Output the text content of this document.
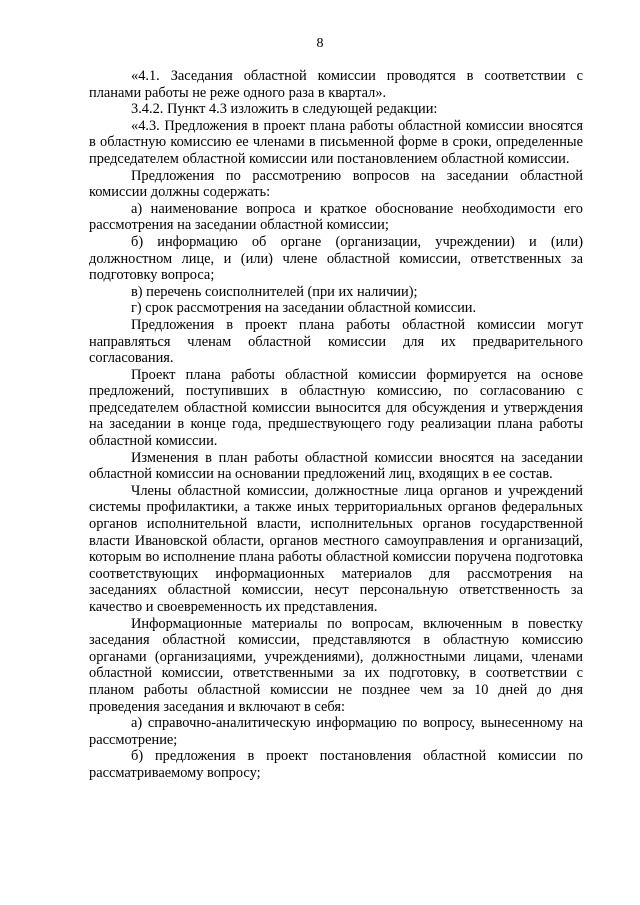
8

«4.1. Заседания областной комиссии проводятся в соответствии с планами работы не реже одного раза в квартал».

3.4.2. Пункт 4.3 изложить в следующей редакции:

«4.3. Предложения в проект плана работы областной комиссии вносятся в областную комиссию ее членами в письменной форме в сроки, определенные председателем областной комиссии или постановлением областной комиссии.

Предложения по рассмотрению вопросов на заседании областной комиссии должны содержать:

а) наименование вопроса и краткое обоснование необходимости его рассмотрения на заседании областной комиссии;

б) информацию об органе (организации, учреждении) и (или) должностном лице, и (или) члене областной комиссии, ответственных за подготовку вопроса;

в) перечень соисполнителей (при их наличии);

г) срок рассмотрения на заседании областной комиссии.

Предложения в проект плана работы областной комиссии могут направляться членам областной комиссии для их предварительного согласования.

Проект плана работы областной комиссии формируется на основе предложений, поступивших в областную комиссию, по согласованию с председателем областной комиссии выносится для обсуждения и утверждения на заседании в конце года, предшествующего году реализации плана работы областной комиссии.

Изменения в план работы областной комиссии вносятся на заседании областной комиссии на основании предложений лиц, входящих в ее состав.

Члены областной комиссии, должностные лица органов и учреждений системы профилактики, а также иных территориальных органов федеральных органов исполнительной власти, исполнительных органов государственной власти Ивановской области, органов местного самоуправления и организаций, которым во исполнение плана работы областной комиссии поручена подготовка соответствующих информационных материалов для рассмотрения на заседаниях областной комиссии, несут персональную ответственность за качество и своевременность их представления.

Информационные материалы по вопросам, включенным в повестку заседания областной комиссии, представляются в областную комиссию органами (организациями, учреждениями), должностными лицами, членами областной комиссии, ответственными за их подготовку, в соответствии с планом работы областной комиссии не позднее чем за 10 дней до дня проведения заседания и включают в себя:

а) справочно-аналитическую информацию по вопросу, вынесенному на рассмотрение;

б) предложения в проект постановления областной комиссии по рассматриваемому вопросу;
